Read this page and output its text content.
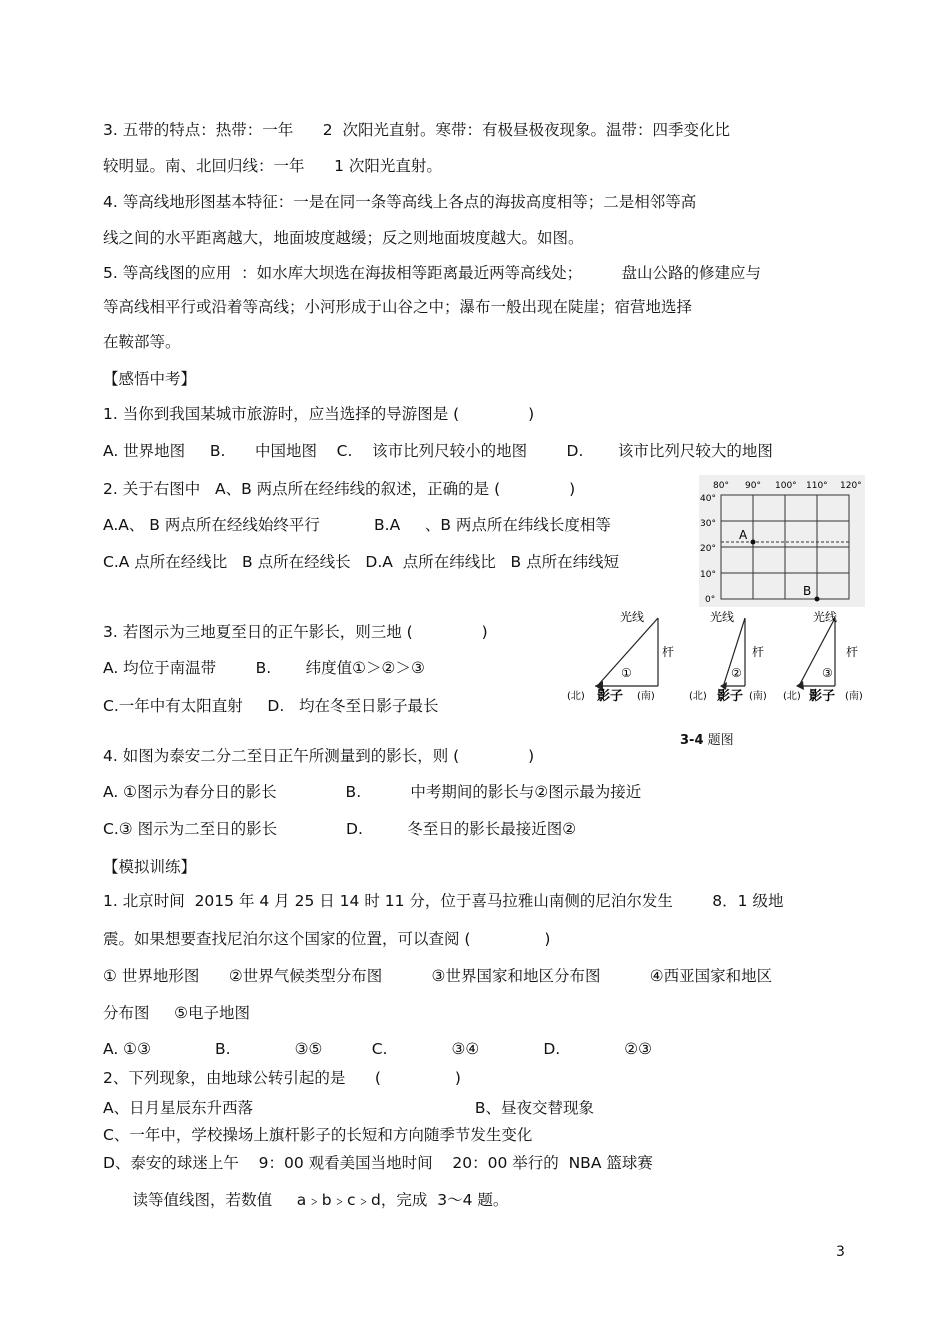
3. 五带的特点：热带：一年      2  次阳光直射。寒带：有极昼极夜现象。温带：四季变化比
较明显。南、北回归线：一年      1 次阳光直射。
4. 等高线地形图基本特征：一是在同一条等高线上各点的海拔高度相等；二是相邻等高
线之间的水平距离越大，地面坡度越缓；反之则地面坡度越大。如图。
5. 等高线图的应用  ：如水库大坝选在海拔相等距离最近两等高线处；        盘山公路的修建应与
等高线相平行或沿着等高线；小河形成于山谷之中；瀑布一般出现在陡崖；宿营地选择
在鞍部等。
【感悟中考】
1. 当你到我国某城市旅游时，应当选择的导游图是 (              )
A. 世界地图     B.      中国地图    C.    该市比列尺较小的地图        D.       该市比列尺较大的地图
2. 关于右图中   A、B 两点所在经纬线的叙述，正确的是 (              )
A.A、 B 两点所在经线始终平行           B.A     、B 两点所在纬线长度相等
C.A 点所在经线比   B 点所在经线长   D.A  点所在纬线比   B 点所在纬线短
80° 90° 100° 110° 120°
40°
30°
20°
10°
0°
A
B
3. 若图示为三地夏至日的正午影长，则三地 (              )
A. 均位于南温带        B.       纬度值①＞②＞③
C.一年中有太阳直射     D.   均在冬至日影子最长
光线	光线	光线
杆	杆	杆
①	②	③
(北) 影子 (南)	(北) 影子 (南) (北) 影子 (南)
3-4 题图
4. 如图为泰安二分二至日正午所测量到的影长，则 (              )
A. ①图示为春分日的影长              B.          中考期间的影长与②图示最为接近
C.③ 图示为二至日的影长              D.         冬至日的影长最接近图②
【模拟训练】
1. 北京时间  2015 年 4 月 25 日 14 时 11 分，位于喜马拉雅山南侧的尼泊尔发生        8．1 级地
震。如果想要查找尼泊尔这个国家的位置，可以查阅 (               )
① 世界地形图      ②世界气候类型分布图          ③世界国家和地区分布图          ④西亚国家和地区
分布图     ⑤电子地图
A. ①③             B.             ③⑤          C.             ③④             D.             ②③
2、下列现象，由地球公转引起的是      (               )
A、日月星辰东升西落                                             B、昼夜交替现象
C、一年中，学校操场上旗杆影子的长短和方向随季节发生变化
D、泰安的球迷上午    9：00 观看美国当地时间    20：00 举行的  NBA 篮球赛
读等值线图，若数值     a﹥b﹥c﹥d，完成  3～4 题。
3
